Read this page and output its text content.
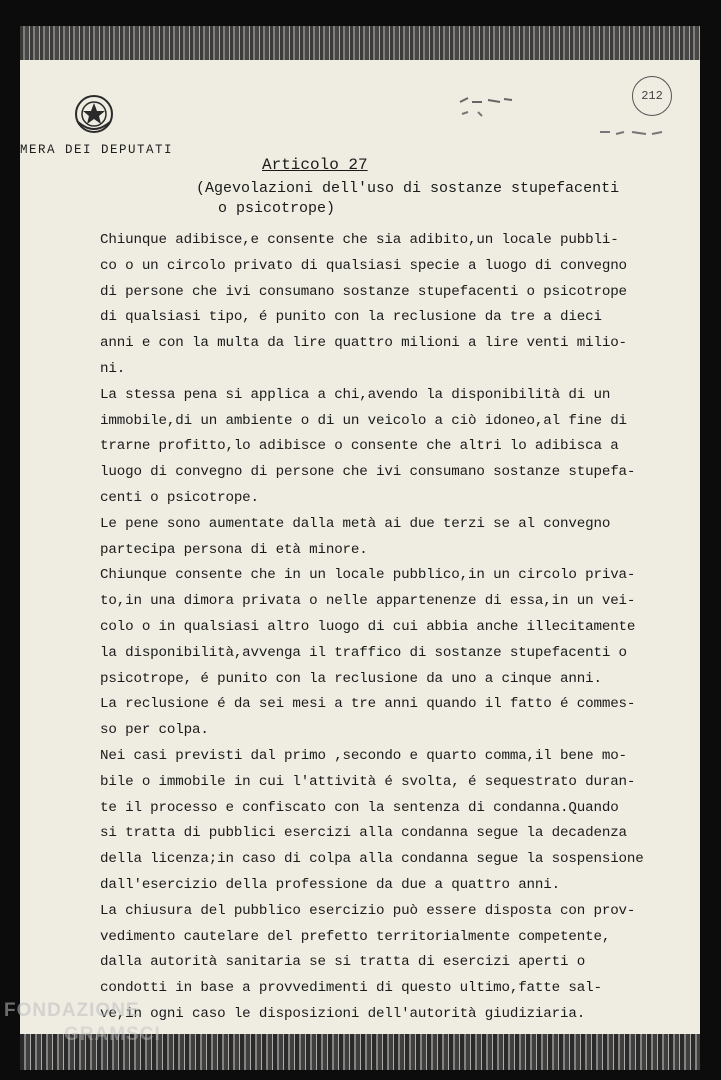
MERA DEI DEPUTATI
212
Articolo 27
(Agevolazioni dell'uso di sostanze stupefacenti
o psicotrope)
Chiunque adibisce,e consente che sia adibito,un locale pubbli-
co o un circolo privato di qualsiasi specie a luogo di convegno
di persone che ivi consumano sostanze stupefacenti o psicotrope
di qualsiasi tipo, é punito con la reclusione da tre a dieci
anni e con la multa da lire quattro milioni a lire venti milio-
ni.
La stessa pena si applica a chi,avendo la disponibilità di un
immobile,di un ambiente o di un veicolo a ciò idoneo,al fine di
trarne profitto,lo adibisce o consente che altri lo adibisca a
luogo di convegno di persone che ivi consumano sostanze stupefa-
centi o psicotrope.
Le pene sono aumentate dalla metà ai due terzi se al convegno
partecipa persona di età minore.
Chiunque consente che in un locale pubblico,in un circolo priva-
to,in una dimora privata o nelle appartenenze di essa,in un vei-
colo o in qualsiasi altro luogo di cui abbia anche illecitamente
la disponibilità,avvenga il traffico di sostanze stupefacenti o
psicotrope, é punito con la reclusione da uno a cinque anni.
La reclusione é da sei mesi a tre anni quando il fatto é commes-
so per colpa.
Nei casi previsti dal primo ,secondo e quarto comma,il bene mo-
bile o immobile in cui l'attività é svolta, é sequestrato duran-
te il processo e confiscato con la sentenza di condanna.Quando
si tratta di pubblici esercizi alla condanna segue la decadenza
della licenza;in caso di colpa alla condanna segue la sospensione
dall'esercizio della professione da due a quattro anni.
La chiusura del pubblico esercizio può essere disposta con prov-
vedimento cautelare del prefetto territorialmente competente,
dalla autorità sanitaria se si tratta di esercizi aperti o
condotti in base a provvedimenti di questo ultimo,fatte sal-
ve,in ogni caso le disposizioni dell'autorità giudiziaria.
FONDAZIONE
GRAMSCI
